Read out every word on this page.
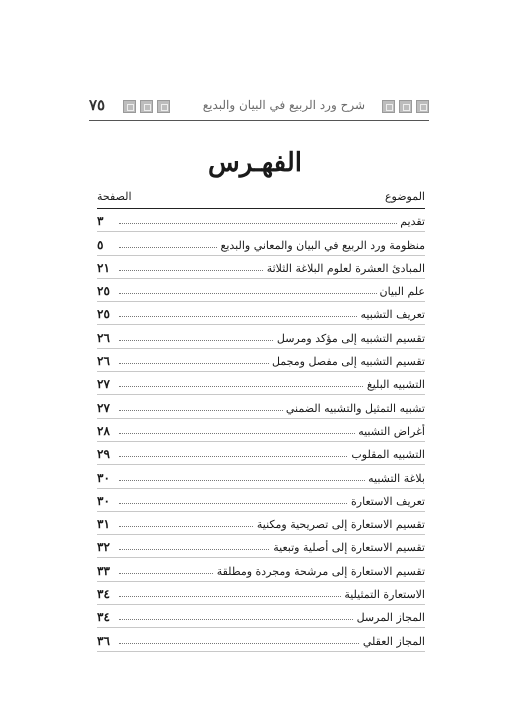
شرح ورد الربيع في البيان والبديع
٧٥
الفهـرس
الموضوع
الصفحة
تقديم
٣
منظومة ورد الربيع في البيان والمعاني والبديع
٥
المبادئ العشرة لعلوم البلاغة الثلاثة
٢١
علم البيان
٢٥
تعريف التشبيه
٢٥
تقسيم التشبيه إلى مؤكد ومرسل
٢٦
تقسيم التشبيه إلى مفصل ومجمل
٢٦
التشبيه البليغ
٢٧
تشبيه التمثيل والتشبيه الضمني
٢٧
أغراض التشبيه
٢٨
التشبيه المقلوب
٢٩
بلاغة التشبيه
٣٠
تعريف الاستعارة
٣٠
تقسيم الاستعارة إلى تصريحية ومكنية
٣١
تقسيم الاستعارة إلى أصلية وتبعية
٣٢
تقسيم الاستعارة إلى مرشحة ومجردة ومطلقة
٣٣
الاستعارة التمثيلية
٣٤
المجاز المرسل
٣٤
المجاز العقلي
٣٦
